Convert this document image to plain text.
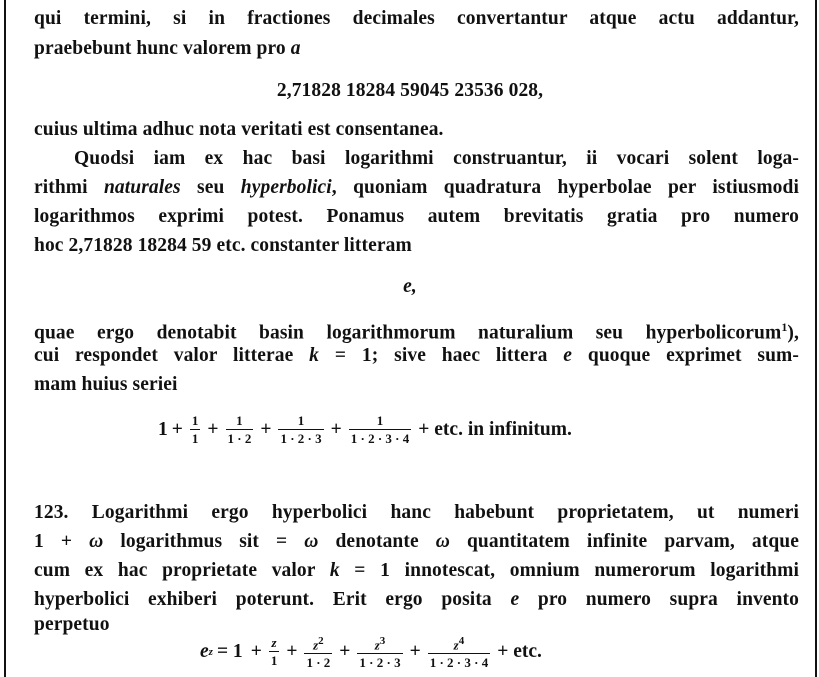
qui termini, si in fractiones decimales convertantur atque actu addantur,
praebebunt hunc valorem pro a
2,71828 18284 59045 23536 028,
cuius ultima adhuc nota veritati est consentanea.
Quodsi iam ex hac basi logarithmi construantur, ii vocari solent loga-
rithmi naturales seu hyperbolici, quoniam quadratura hyperbolae per istiusmodi
logarithmos exprimi potest. Ponamus autem brevitatis gratia pro numero
hoc 2,71828 18284 59 etc. constanter litteram
e,
quae ergo denotabit basin logarithmorum naturalium seu hyperbolicorum$^1$),
cui respondet valor litterae k = 1; sive haec littera e quoque exprimet sum-
mam huius seriei
$1 + \frac{1}{1} + \frac{1}{1 \cdot 2} + \frac{1}{1 \cdot 2 \cdot 3} + \frac{1}{1 \cdot 2 \cdot 3 \cdot 4}$ + etc. in infinitum.
123. Logarithmi ergo hyperbolici hanc habebunt proprietatem, ut numeri
1 + ω logarithmus sit = ω denotante ω quantitatem infinite parvam, atque
cum ex hac proprietate valor k = 1 innotescat, omnium numerorum logarithmi
hyperbolici exhiberi poterunt. Erit ergo posita e pro numero supra invento
perpetuo
e $z = 1 + \frac{z}{1} + \frac{z^2}{1 \cdot 2} + \frac{z^3}{1 \cdot 2 \cdot 3} + \frac{z^4}{1 \cdot 2 \cdot 3 \cdot 4}$ + etc.
